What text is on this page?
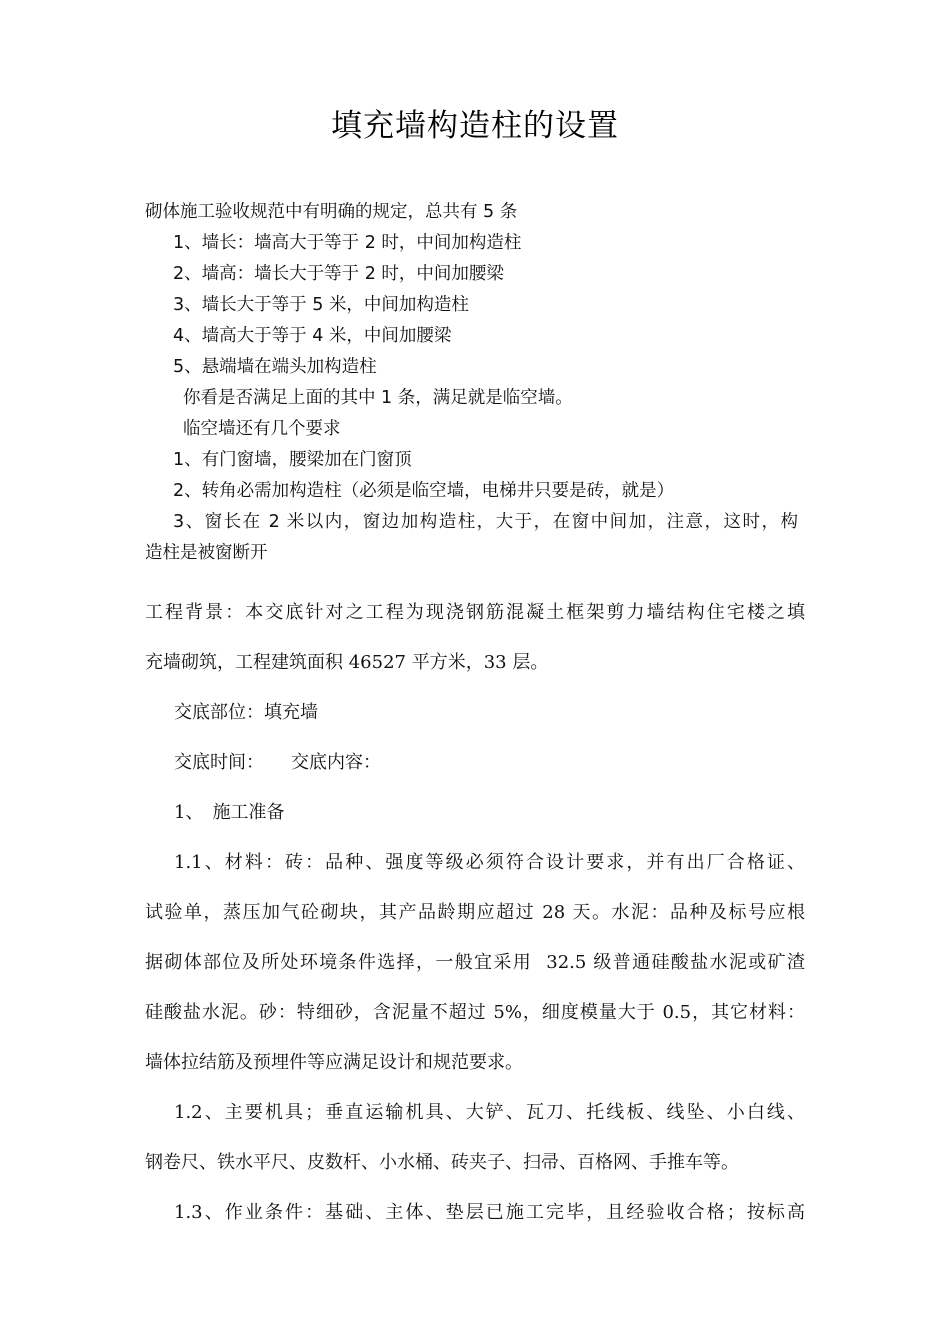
填充墙构造柱的设置
砌体施工验收规范中有明确的规定，总共有 5 条
1、墙长：墙高大于等于 2 时，中间加构造柱
2、墙高：墙长大于等于 2 时，中间加腰梁
3、墙长大于等于 5 米，中间加构造柱
4、墙高大于等于 4 米，中间加腰梁
5、悬端墙在端头加构造柱
你看是否满足上面的其中 1 条，满足就是临空墙。
临空墙还有几个要求
1、有门窗墙，腰梁加在门窗顶
2、转角必需加构造柱（必须是临空墙，电梯井只要是砖，就是）
3、窗长在 2 米以内，窗边加构造柱，大于，在窗中间加，注意，这时，构
造柱是被窗断开
工程背景：本交底针对之工程为现浇钢筋混凝土框架剪力墙结构住宅楼之填
充墙砌筑，工程建筑面积 46527 平方米，33 层。
交底部位：填充墙
交底时间：　　交底内容：
1、　施工准备
1.1、材料：砖：品种、强度等级必须符合设计要求，并有出厂合格证、
试验单，蒸压加气砼砌块，其产品龄期应超过 28 天。水泥：品种及标号应根
据砌体部位及所处环境条件选择，一般宜采用  32.5 级普通硅酸盐水泥或矿渣
硅酸盐水泥。砂：特细砂，含泥量不超过 5%，细度模量大于 0.5，其它材料：
墙体拉结筋及预埋件等应满足设计和规范要求。
1.2、主要机具；垂直运输机具、大铲、瓦刀、托线板、线坠、小白线、
钢卷尺、铁水平尺、皮数杆、小水桶、砖夹子、扫帚、百格网、手推车等。
1.3、作业条件：基础、主体、垫层已施工完毕，且经验收合格；按标高
